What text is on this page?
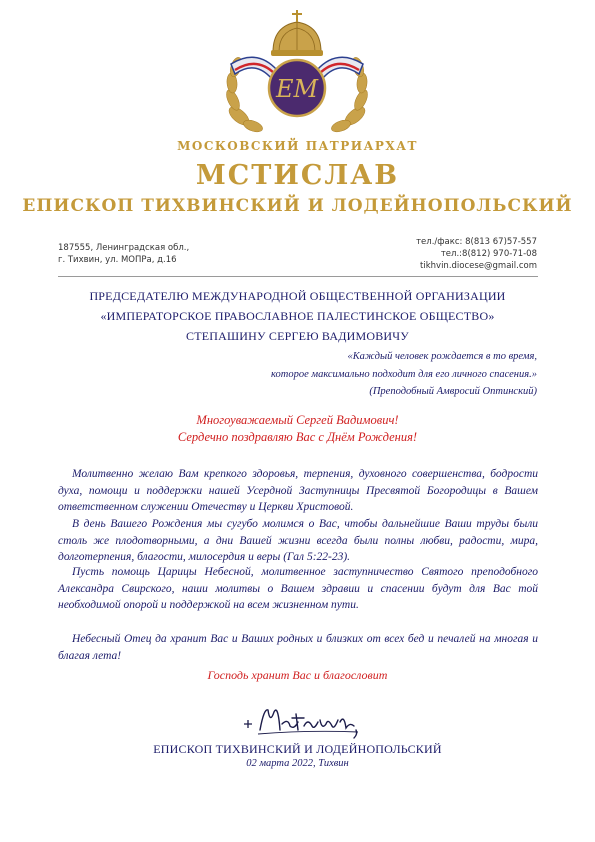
ЕМ
МОСКОВСКИЙ ПАТРИАРХАТ
МСТИСЛАВ
ЕПИСКОП ТИХВИНСКИЙ И ЛОДЕЙНОПОЛЬСКИЙ
187555, Ленинградская обл.,
г. Тихвин, ул. МОПРа, д.16
тел./факс: 8(813 67)57-557
тел.:8(812) 970-71-08
tikhvin.diocese@gmail.com
ПРЕДСЕДАТЕЛЮ МЕЖДУНАРОДНОЙ ОБЩЕСТВЕННОЙ ОРГАНИЗАЦИИ
«ИМПЕРАТОРСКОЕ ПРАВОСЛАВНОЕ ПАЛЕСТИНСКОЕ ОБЩЕСТВО»
СТЕПАШИНУ СЕРГЕЮ ВАДИМОВИЧУ
«Каждый человек рождается в то время,
которое максимально подходит для его личного спасения.»
(Преподобный Амвросий Оптинский)
Многоуважаемый Сергей Вадимович!
Сердечно поздравляю Вас с Днём Рождения!

Молитвенно желаю Вам крепкого здоровья, терпения, духовного совершенства, бодрости духа, помощи и поддержки нашей Усердной Заступницы Пресвятой Богородицы в Вашем ответственном служении Отечеству и Церкви Христовой.

В день Вашего Рождения мы сугубо молимся о Вас, чтобы дальнейшие Ваши труды были столь же плодотворными, а дни Вашей жизни всегда были полны любви, радости, мира, долготерпения, благости, милосердия и веры (Гал 5:22-23).

Пусть помощь Царицы Небесной, молитвенное заступничество Святого преподобного Александра Свирского, наши молитвы о Вашем здравии и спасении будут для Вас той необходимой опорой и поддержкой на всем жизненном пути.

Небесный Отец да хранит Вас и Ваших родных и близких от всех бед и печалей на многая и благая лета!

Господь хранит Вас и благословит
ЕПИСКОП ТИХВИНСКИЙ И ЛОДЕЙНОПОЛЬСКИЙ
02 марта 2022, Тихвин
